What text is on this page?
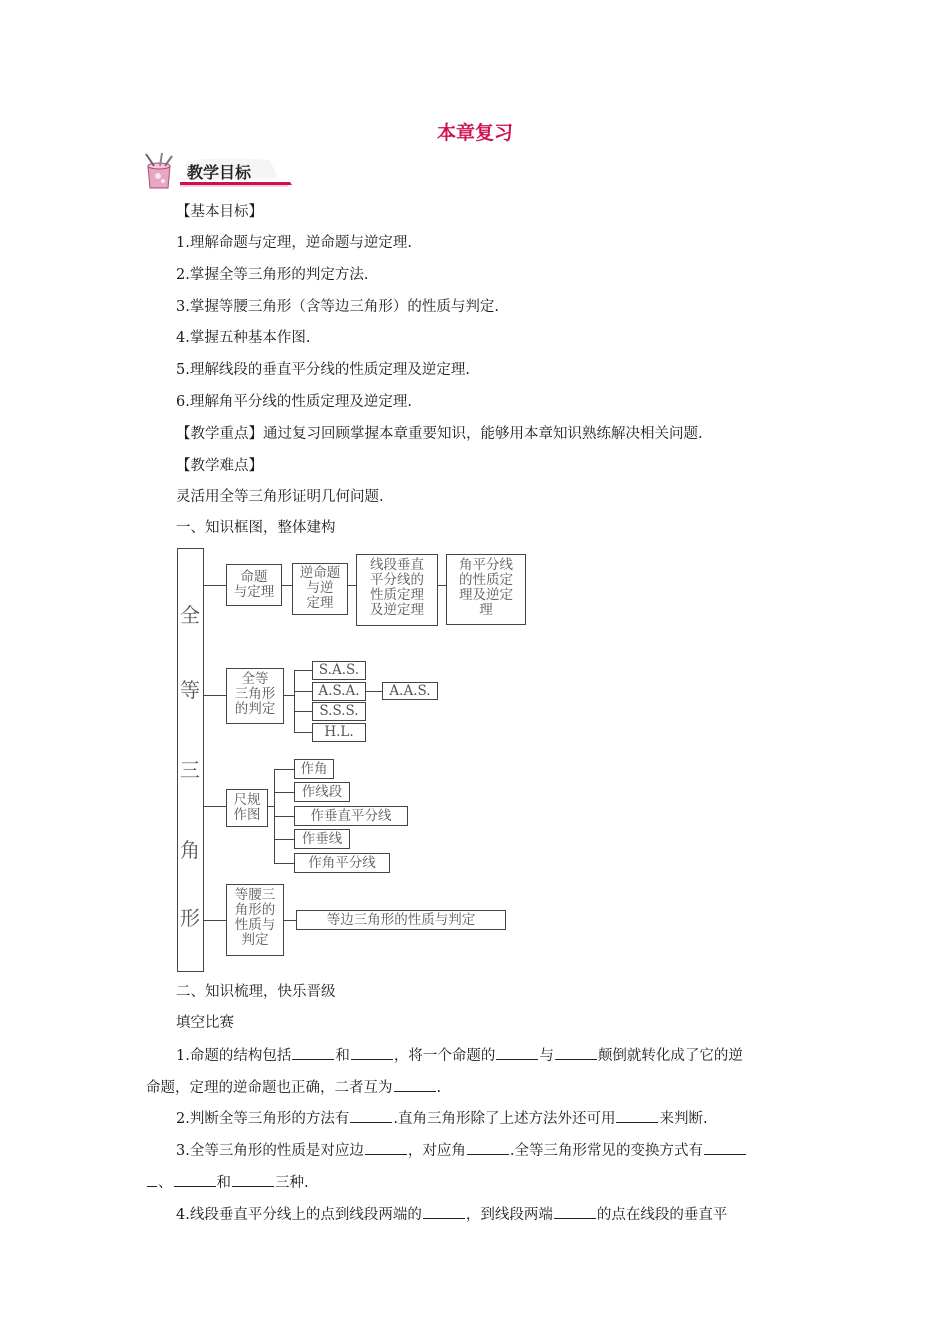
本章复习
教学目标
【基本目标】
1.理解命题与定理，逆命题与逆定理.
2.掌握全等三角形的判定方法.
3.掌握等腰三角形（含等边三角形）的性质与判定.
4.掌握五种基本作图.
5.理解线段的垂直平分线的性质定理及逆定理.
6.理解角平分线的性质定理及逆定理.
【教学重点】通过复习回顾掌握本章重要知识，能够用本章知识熟练解决相关问题.
【教学难点】
灵活用全等三角形证明几何问题.
一、知识框图，整体建构
全
等
三
角
形
命题
与定理
逆命题
与逆
定理
线段垂直
平分线的
性质定理
及逆定理
角平分线
的性质定
理及逆定
理
全等
三角形
的判定
S.A.S.
A.S.A.
S.S.S.
H.L.
A.A.S.
尺规
作图
作角
作线段
作垂直平分线
作垂线
作角平分线
等腰三
角形的
性质与
判定
等边三角形的性质与判定
二、知识梳理，快乐晋级
填空比赛
1.命题的结构包括	和	，将一个命题的	与	颠倒就转化成了它的逆
命题，定理的逆命题也正确，二者互为	.
2.判断全等三角形的方法有	.直角三角形除了上述方法外还可用	来判断.
3.全等三角形的性质是对应边	，对应角	.全等三角形常见的变换方式有
、	和	三种.
4.线段垂直平分线上的点到线段两端的	，到线段两端	的点在线段的垂直平
